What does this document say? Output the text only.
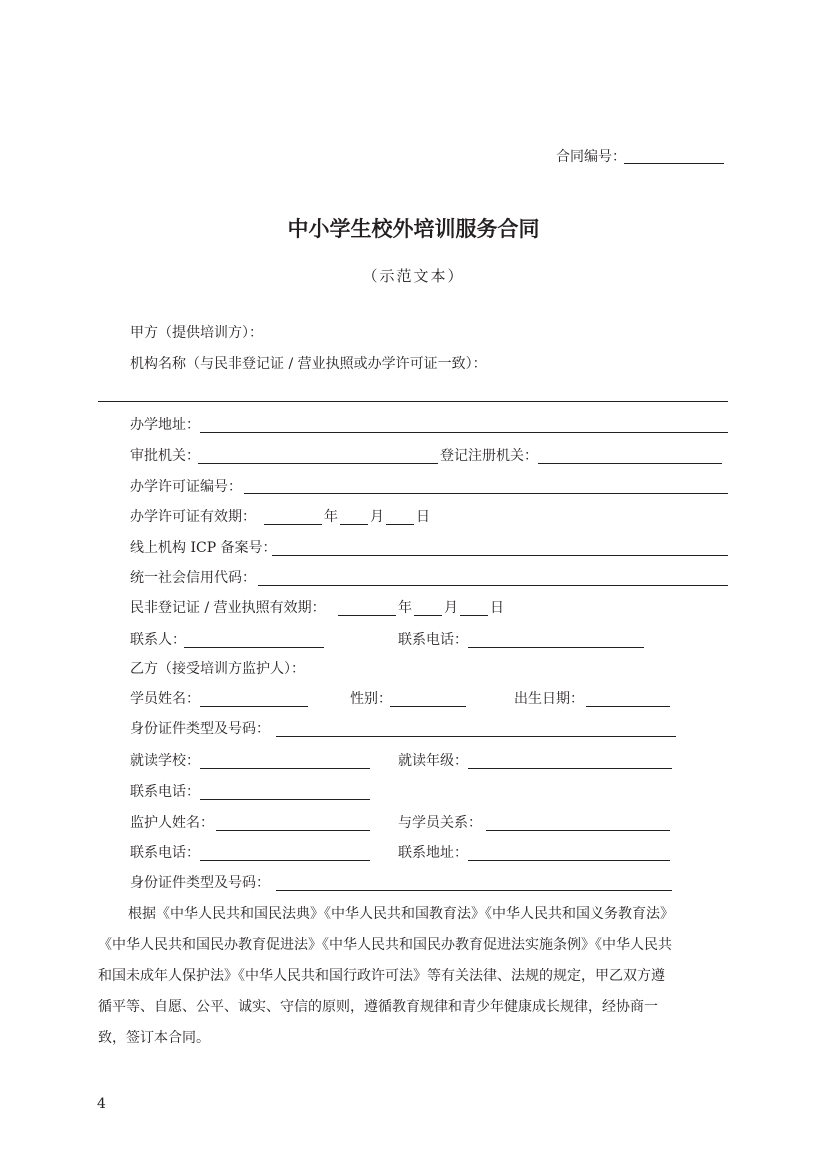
合同编号：
中小学生校外培训服务合同
（示范文本）
甲方（提供培训方）：
机构名称（与民非登记证 / 营业执照或办学许可证一致）：
办学地址：
审批机关：	登记注册机关：
办学许可证编号：
办学许可证有效期：	年 月 日
线上机构 ICP 备案号：
统一社会信用代码：
民非登记证 / 营业执照有效期：	年 月 日
联系人：	联系电话：
乙方（接受培训方监护人）：
学员姓名：	性别：	出生日期：
身份证件类型及号码：
就读学校：	就读年级：
联系电话：
监护人姓名：	与学员关系：
联系电话：	联系地址：
身份证件类型及号码：
根据《中华人民共和国民法典》《中华人民共和国教育法》《中华人民共和国义务教育法》
《中华人民共和国民办教育促进法》《中华人民共和国民办教育促进法实施条例》《中华人民共
和国未成年人保护法》《中华人民共和国行政许可法》等有关法律、法规的规定，甲乙双方遵
循平等、自愿、公平、诚实、守信的原则，遵循教育规律和青少年健康成长规律，经协商一
致，签订本合同。
4
